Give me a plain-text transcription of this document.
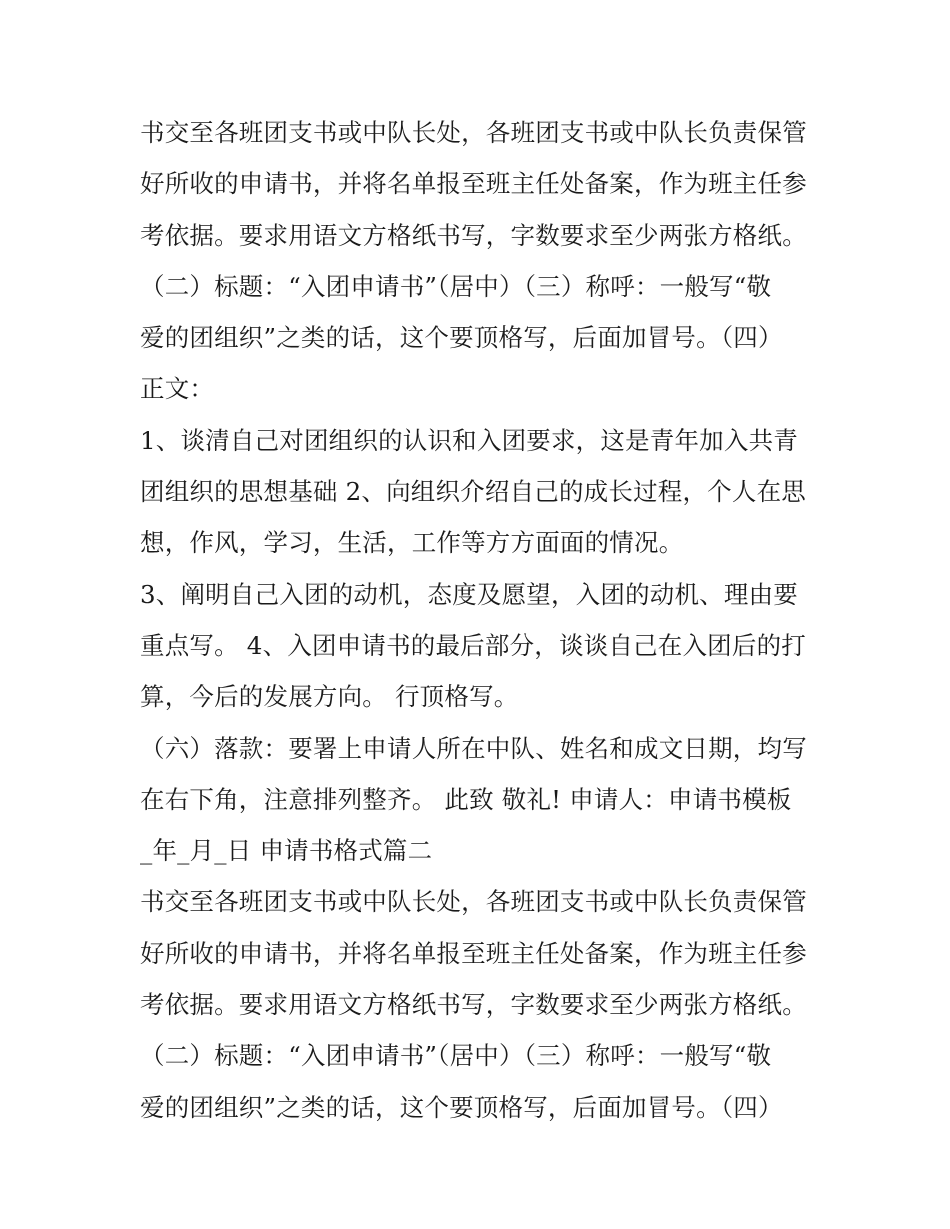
书交至各班团支书或中队长处，各班团支书或中队长负责保管
好所收的申请书，并将名单报至班主任处备案，作为班主任参
考依据。要求用语文方格纸书写，字数要求至少两张方格纸。
（二）标题：“入团申请书”（居中）（三）称呼：一般写“敬
爱的团组织”之类的话，这个要顶格写，后面加冒号。（四）
正文：
1、谈清自己对团组织的认识和入团要求，这是青年加入共青
团组织的思想基础 2、向组织介绍自己的成长过程，个人在思
想，作风，学习，生活，工作等方方面面的情况。
3、阐明自己入团的动机，态度及愿望，入团的动机、理由要
重点写。 4、入团申请书的最后部分，谈谈自己在入团后的打
算，今后的发展方向。 行顶格写。
（六）落款：要署上申请人所在中队、姓名和成文日期，均写
在右下角，注意排列整齐。 此致 敬礼! 申请人：申请书模板
_年_月_日 申请书格式篇二
书交至各班团支书或中队长处，各班团支书或中队长负责保管
好所收的申请书，并将名单报至班主任处备案，作为班主任参
考依据。要求用语文方格纸书写，字数要求至少两张方格纸。
（二）标题：“入团申请书”（居中）（三）称呼：一般写“敬
爱的团组织”之类的话，这个要顶格写，后面加冒号。（四）
